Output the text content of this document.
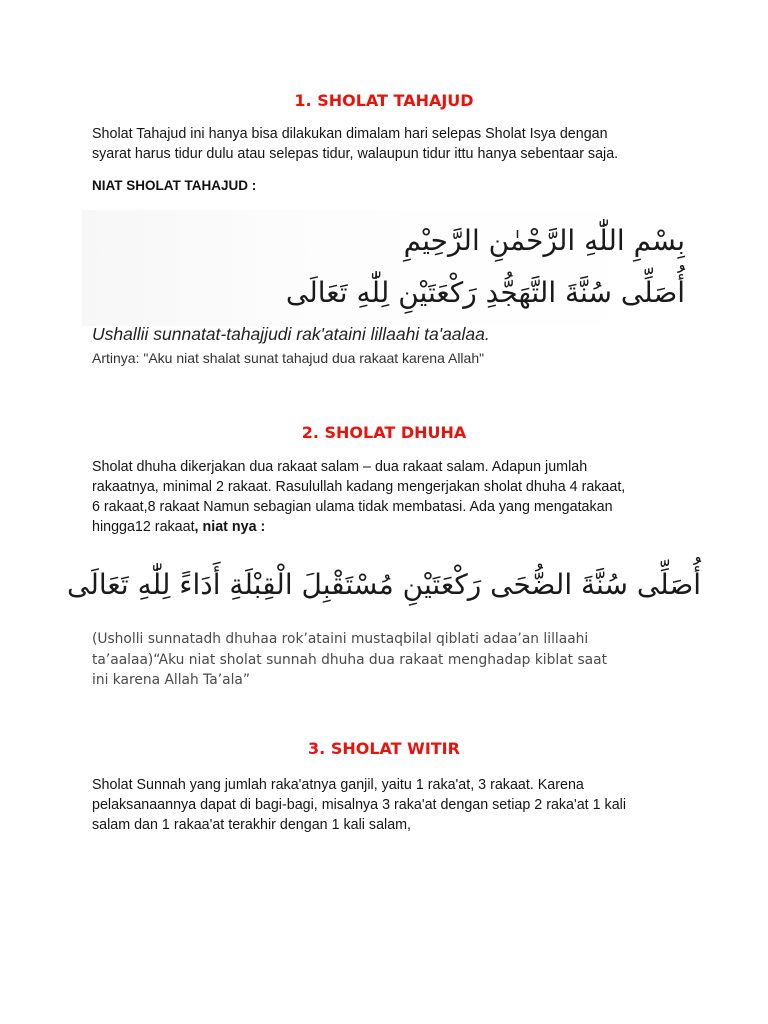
1. SHOLAT TAHAJUD
Sholat Tahajud ini hanya bisa dilakukan dimalam hari selepas Sholat Isya dengan
syarat harus tidur dulu atau selepas tidur, walaupun tidur ittu hanya sebentaar saja.
NIAT SHOLAT TAHAJUD :
بِسْمِ اللّٰهِ الرَّحْمٰنِ الرَّحِيْمِ
أُصَلِّى سُنَّةَ التَّهَجُّدِ رَكْعَتَيْنِ لِلّٰهِ تَعَالَى
Ushallii sunnatat-tahajjudi rak'ataini lillaahi ta'aalaa.
Artinya: "Aku niat shalat sunat tahajud dua rakaat karena Allah"
2. SHOLAT DHUHA
Sholat dhuha dikerjakan dua rakaat salam – dua rakaat salam. Adapun jumlah
rakaatnya, minimal 2 rakaat. Rasulullah kadang mengerjakan sholat dhuha 4 rakaat,
6 rakaat,8 rakaat Namun sebagian ulama tidak membatasi. Ada yang mengatakan
hingga12 rakaat, niat nya :
أُصَلِّى سُنَّةَ الضُّحَى رَكْعَتَيْنِ مُسْتَقْبِلَ الْقِبْلَةِ أَدَاءً لِلّٰهِ تَعَالَى
(Usholli sunnatadh dhuhaa rok’ataini mustaqbilal qiblati adaa’an lillaahi
ta’aalaa)“Aku niat sholat sunnah dhuha dua rakaat menghadap kiblat saat
ini karena Allah Ta’ala”
3. SHOLAT WITIR
Sholat Sunnah yang jumlah raka'atnya ganjil, yaitu 1 raka'at, 3 rakaat. Karena
pelaksanaannya dapat di bagi-bagi, misalnya 3 raka'at dengan setiap 2 raka'at 1 kali
salam dan 1 rakaa'at terakhir dengan 1 kali salam,
